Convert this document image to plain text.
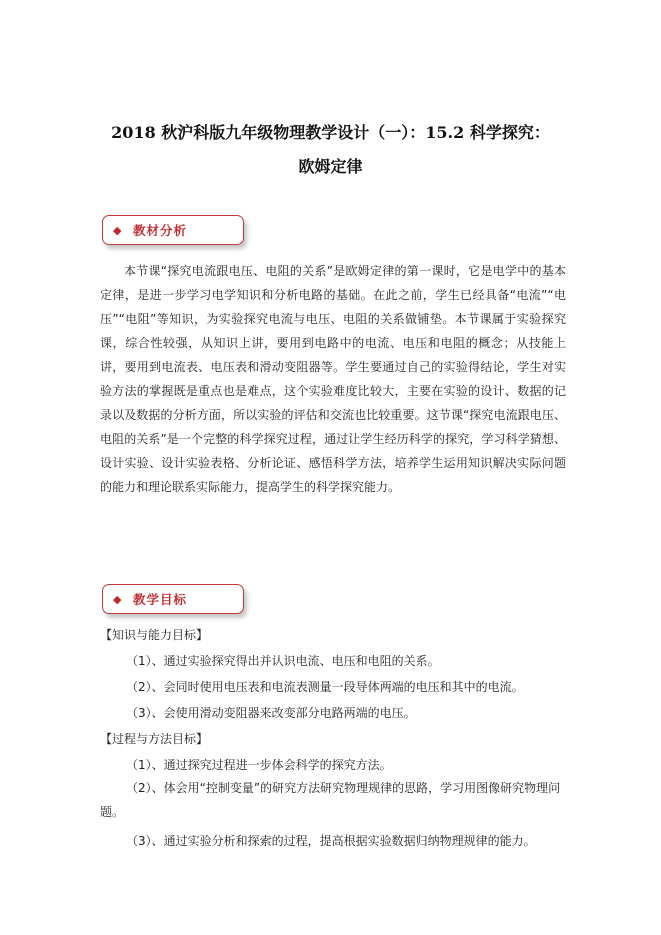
2018 秋沪科版九年级物理教学设计（一）：15.2 科学探究：
欧姆定律
◆ 教材分析

本节课“探究电流跟电压、电阻的关系”是欧姆定律的第一课时，它是电学中的基本定律，是进一步学习电学知识和分析电路的基础。在此之前，学生已经具备“电流”“电压”“电阻”等知识，为实验探究电流与电压、电阻的关系做铺垫。本节课属于实验探究课，综合性较强，从知识上讲，要用到电路中的电流、电压和电阻的概念；从技能上讲，要用到电流表、电压表和滑动变阻器等。学生要通过自己的实验得结论，学生对实验方法的掌握既是重点也是难点，这个实验难度比较大，主要在实验的设计、数据的记录以及数据的分析方面，所以实验的评估和交流也比较重要。这节课“探究电流跟电压、电阻的关系”是一个完整的科学探究过程，通过让学生经历科学的探究，学习科学猜想、设计实验、设计实验表格、分析论证、感悟科学方法，培养学生运用知识解决实际问题的能力和理论联系实际能力，提高学生的科学探究能力。

◆ 教学目标
【知识与能力目标】
（1）、通过实验探究得出并认识电流、电压和电阻的关系。
（2）、会同时使用电压表和电流表测量一段导体两端的电压和其中的电流。
（3）、会使用滑动变阻器来改变部分电路两端的电压。
【过程与方法目标】
（1）、通过探究过程进一步体会科学的探究方法。

（2）、体会用“控制变量”的研究方法研究物理规律的思路，学习用图像研究物理问题。

（3）、通过实验分析和探索的过程，提高根据实验数据归纳物理规律的能力。
